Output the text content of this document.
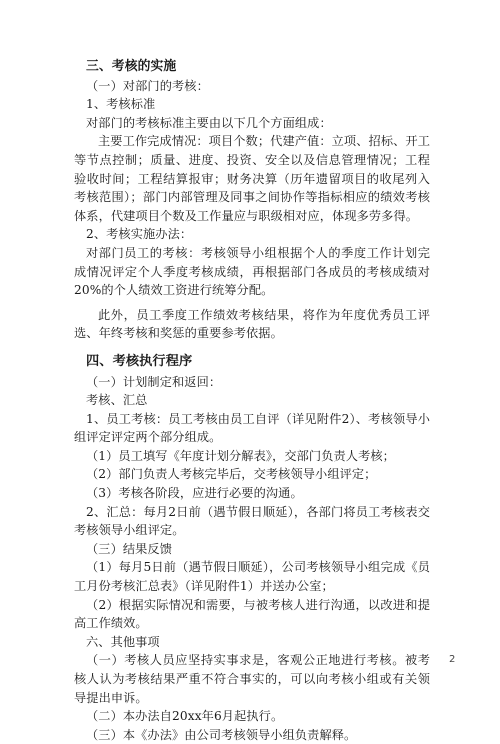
三、考核的实施

（一）对部门的考核：

1、考核标准

对部门的考核标准主要由以下几个方面组成：

主要工作完成情况：项目个数；代建产值：立项、招标、开工等节点控制；质量、进度、投资、安全以及信息管理情况；工程验收时间；工程结算报审；财务决算（历年遗留项目的收尾列入考核范围）；部门内部管理及同事之间协作等指标相应的绩效考核体系，代建项目个数及工作量应与职级相对应，体现多劳多得。

2、考核实施办法：

对部门员工的考核：考核领导小组根据个人的季度工作计划完成情况评定个人季度考核成绩，再根据部门各成员的考核成绩对20%的个人绩效工资进行统筹分配。

此外，员工季度工作绩效考核结果，将作为年度优秀员工评选、年终考核和奖惩的重要参考依据。

四、考核执行程序

（一）计划制定和返回：

考核、汇总

1、员工考核：员工考核由员工自评（详见附件2）、考核领导小组评定评定两个部分组成。

（1）员工填写《年度计划分解表》，交部门负责人考核；

（2）部门负责人考核完毕后，交考核领导小组评定；

（3）考核各阶段，应进行必要的沟通。

2、汇总：每月2日前（遇节假日顺延），各部门将员工考核表交考核领导小组评定。

（三）结果反馈

（1）每月5日前（遇节假日顺延），公司考核领导小组完成《员工月份考核汇总表》（详见附件1）并送办公室；

（2）根据实际情况和需要，与被考核人进行沟通，以改进和提高工作绩效。

六、其他事项

（一）考核人员应坚持实事求是，客观公正地进行考核。被考核人认为考核结果严重不符合事实的，可以向考核小组或有关领导提出申诉。

（二）本办法自20xx年6月起执行。

（三）本《办法》由公司考核领导小组负责解释。

2
